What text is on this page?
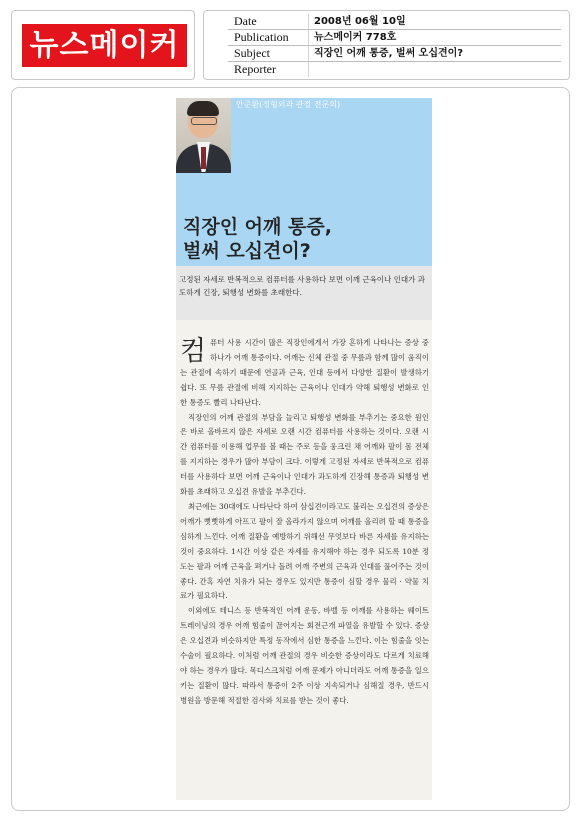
뉴스메이커
Date	2008년 06월 10일
Publication	뉴스메이커 778호
Subject	직장인 어깨 통증, 벌써 오십견이?
Reporter
안준환(정형외과 관절 전문의)
직장인 어깨 통증,
벌써 오십견이?
고정된 자세로 반복적으로 컴퓨터를 사용하다 보면 이깨 근육이나 인대가 과도하게 긴장, 퇴행성 변화를 초래한다.

컴퓨터 사용 시간이 많은 직장인에게서 가장 흔하게 나타나는 증상 중 하나가 어깨 통증이다. 어깨는 신체 관절 중 무릎과 함께 많이 움직이는 관절에 속하기 때문에 연골과 근육, 인대 등에서 다양한 질환이 발생하기 쉽다. 또 무릎 관절에 비해 지지하는 근육이나 인대가 약해 퇴행성 변화로 인한 통증도 빨리 나타난다.

직장인의 어깨 관절의 부담을 늘리고 퇴행성 변화를 부추기는 중요한 원인은 바로 올바르지 않은 자세로 오랜 시간 컴퓨터를 사용하는 것이다. 오랜 시간 컴퓨터를 이용해 업무를 볼 때는 주로 등을 웅크린 채 어깨와 팔이 몸 전체를 지지하는 경우가 많아 부담이 크다. 이렇게 고정된 자세로 반복적으로 컴퓨터를 사용하다 보면 어깨 근육이나 인대가 과도하게 긴장해 통증과 퇴행성 변화를 초래하고 오십견 유발을 부추긴다.

최근에는 30대에도 나타난다 하여 삼십견이라고도 불리는 오십견의 증상은 어깨가 뻣뻣하게 아프고 팔이 잘 올라가지 않으며 어깨를 올리려 할 때 통증을 심하게 느낀다. 어깨 질환을 예방하기 위해선 무엇보다 바른 자세를 유지하는 것이 중요하다. 1시간 이상 같은 자세를 유지해야 하는 경우 되도록 10분 정도는 팔과 어깨 근육을 펴거나 돌려 어깨 주변의 근육과 인대를 풀어주는 것이 좋다. 간혹 자연 치유가 되는 경우도 있지만 통증이 심할 경우 물리 · 약물 치료가 필요하다.

이외에도 테니스 등 반복적인 어깨 운동, 바벨 등 어깨를 사용하는 웨이트 트레이닝의 경우 어깨 힘줄이 끊어지는 회전근개 파열을 유발할 수 있다. 증상은 오십견과 비슷하지만 특정 동작에서 심한 통증을 느낀다. 이는 힘줄을 잇는 수술이 필요하다. 이처럼 어깨 관절의 경우 비슷한 증상이라도 다르게 치료해야 하는 경우가 많다. 목디스크처럼 어깨 문제가 아니더라도 어깨 통증을 일으키는 질환이 많다. 따라서 통증이 2주 이상 지속되거나 심해질 경우, 반드시 병원을 방문해 적절한 검사와 치료를 받는 것이 좋다.
